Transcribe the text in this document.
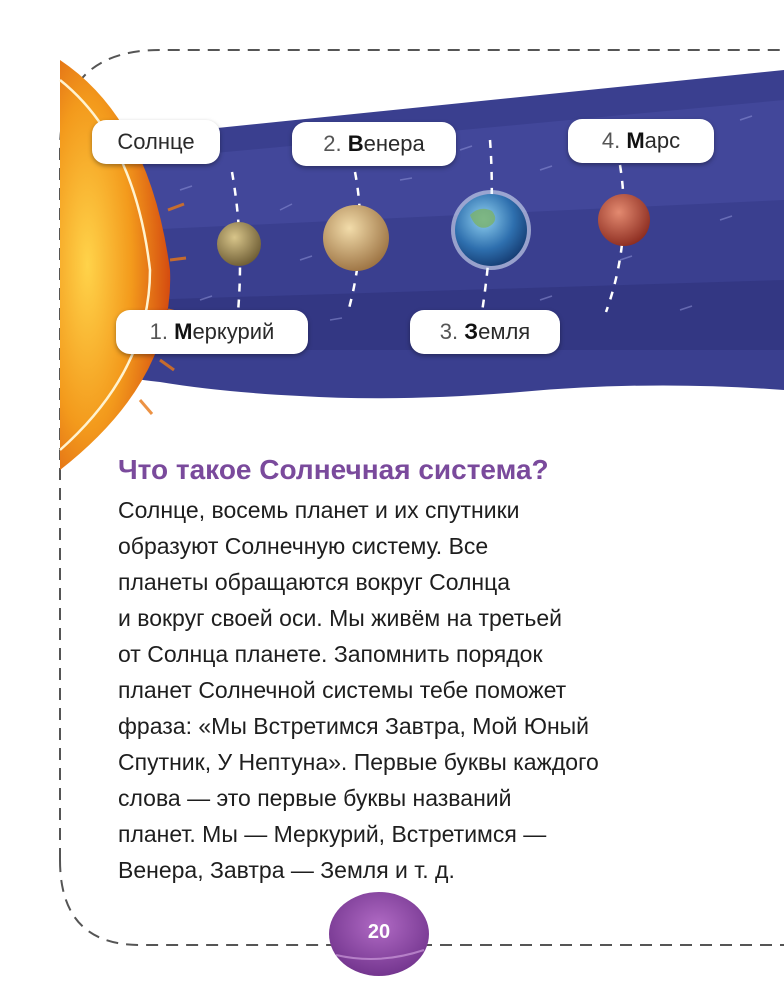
Солнце	2.
В енера	4.
М арс
1.
М еркурий	3.
З емля
Что такое Солнечная система?

Солнце, восемь планет и их спутники
образуют Солнечную систему. Все
планеты обращаются вокруг Солнца
и вокруг своей оси. Мы живём на третьей
от Солнца планете. Запомнить порядок
планет Солнечной системы тебе поможет
фраза: «Мы Встретимся Завтра, Мой Юный
Спутник, У Нептуна». Первые буквы каждого
слова — это первые буквы названий
планет. Мы — Меркурий, Встретимся —
Венера, Завтра — Земля и т. д.

20
